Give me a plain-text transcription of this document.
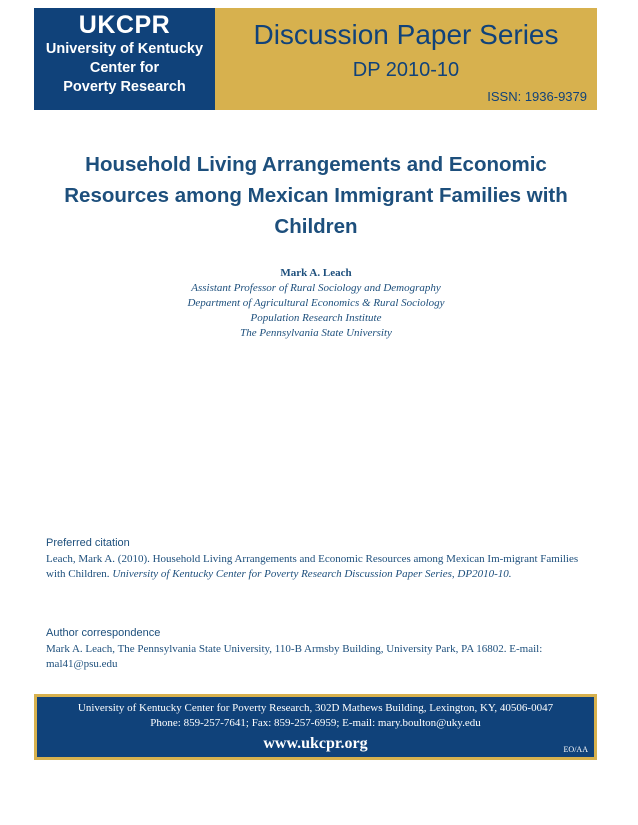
UKCPR
University of Kentucky
Center for
Poverty Research
Discussion Paper Series
DP 2010-10
ISSN: 1936-9379
Household Living Arrangements and Economic
Resources among Mexican Immigrant Families with
Children
Mark A. Leach
Assistant Professor of Rural Sociology and Demography
Department of Agricultural Economics & Rural Sociology
Population Research Institute
The Pennsylvania State University
Preferred citation
Leach, Mark A. (2010). Household Living Arrangements and Economic Resources among Mexican Im-migrant Families with Children. University of Kentucky Center for Poverty Research Discussion Paper Series, DP2010-10.
Author correspondence
Mark A. Leach, The Pennsylvania State University, 110-B Armsby Building, University Park, PA 16802. E-mail: mal41@psu.edu
University of Kentucky Center for Poverty Research, 302D Mathews Building, Lexington, KY, 40506-0047
Phone: 859-257-7641; Fax: 859-257-6959; E-mail: mary.boulton@uky.edu
www.ukcpr.org	EO/AA
